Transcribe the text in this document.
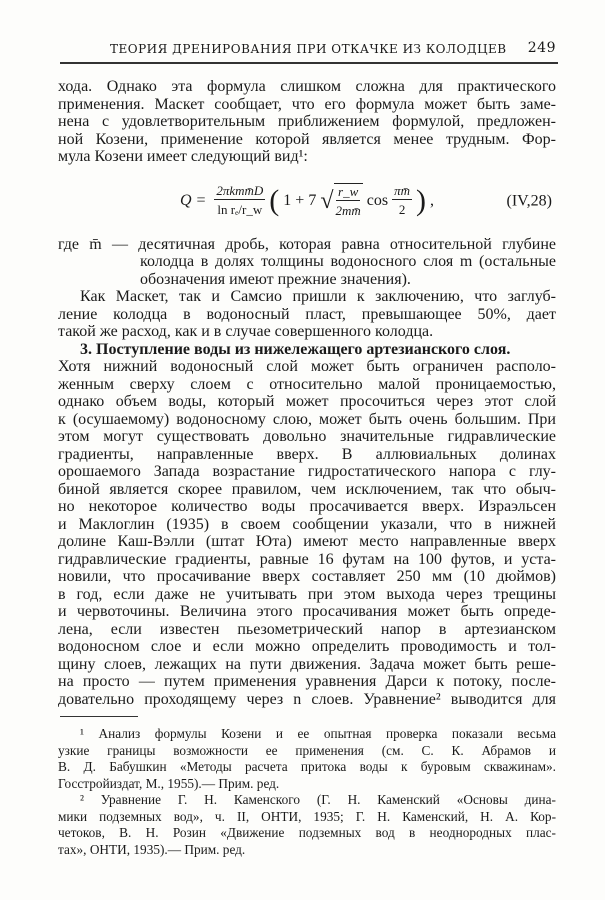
ТЕОРИЯ ДРЕНИРОВАНИЯ ПРИ ОТКАЧКЕ ИЗ КОЛОДЦЕВ 249
хода. Однако эта формула слишком сложна для практического
применения. Маскет сообщает, что его формула может быть заме-
нена с удовлетворительным приближением формулой, предложен-
ной Козени, применение которой является менее трудным. Фор-
мула Козени имеет следующий вид¹:
$Q = \frac{\text{2πkmm̄D}}{\text{ln rₑ/r\_w}}$ ( 1 + 7 √ $\frac{r\_w}{2mm̄}$ $\cos \frac{\pi m̄}{2}$ ) ,	(IV,28)
где m̄ — десятичная дробь, которая равна относительной глубине
колодца в долях толщины водоносного слоя m (остальные
обозначения имеют прежние значения).
Как Маскет, так и Самсио пришли к заключению, что заглуб-
ление колодца в водоносный пласт, превышающее 50%, дает
такой же расход, как и в случае совершенного колодца.
3. Поступление воды из нижележащего артезианского слоя.
Хотя нижний водоносный слой может быть ограничен располо-
женным сверху слоем с относительно малой проницаемостью,
однако объем воды, который может просочиться через этот слой
к (осушаемому) водоносному слою, может быть очень большим. При
этом могут существовать довольно значительные гидравлические
градиенты, направленные вверх. В аллювиальных долинах
орошаемого Запада возрастание гидростатического напора с глу-
биной является скорее правилом, чем исключением, так что обыч-
но некоторое количество воды просачивается вверх. Израэльсен
и Маклоглин (1935) в своем сообщении указали, что в нижней
долине Каш-Вэлли (штат Юта) имеют место направленные вверх
гидравлические градиенты, равные 16 футам на 100 футов, и уста-
новили, что просачивание вверх составляет 250 мм (10 дюймов)
в год, если даже не учитывать при этом выхода через трещины
и червоточины. Величина этого просачивания может быть опреде-
лена, если известен пьезометрический напор в артезианском
водоносном слое и если можно определить проводимость и тол-
щину слоев, лежащих на пути движения. Задача может быть реше-
на просто — путем применения уравнения Дарси к потоку, после-
довательно проходящему через n слоев. Уравнение² выводится для
¹ Анализ формулы Козени и ее опытная проверка показали весьма
узкие границы возможности ее применения (см. С. К. Абрамов и
В. Д. Бабушкин «Методы расчета притока воды к буровым скважинам».
Госстройиздат, М., 1955).— Прим. ред.
² Уравнение Г. Н. Каменского (Г. Н. Каменский «Основы дина-
мики подземных вод», ч. II, ОНТИ, 1935; Г. Н. Каменский, Н. А. Кор-
четоков, В. Н. Розин «Движение подземных вод в неоднородных плас-
тах», ОНТИ, 1935).— Прим. ред.
